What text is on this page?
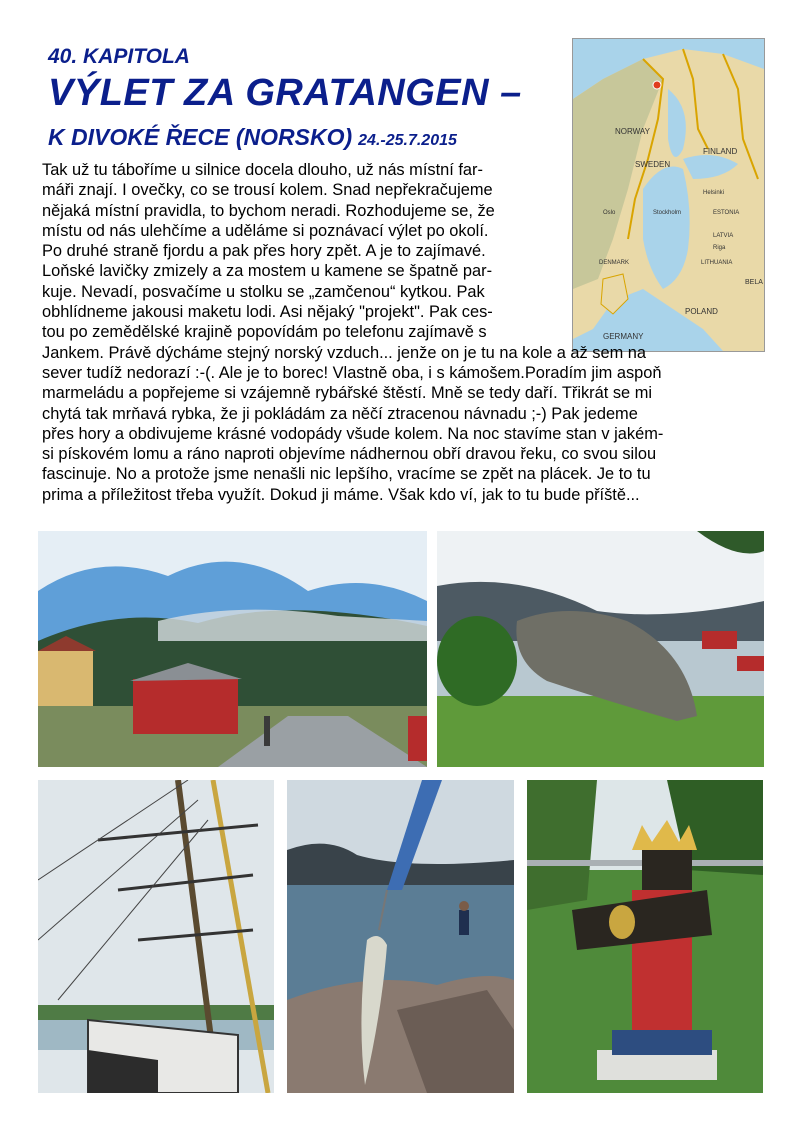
40. KAPITOLA
VÝLET ZA GRATANGEN –
K DIVOKÉ ŘECE (NORSKO) 24.-25.7.2015
NORWAY
SWEDEN
FINLAND
ESTONIA
LATVIA
LITHUANIA
DENMARK
GERMANY
POLAND
BELA
Stockholm
Helsinki
Oslo
Riga
Tak už tu táboříme u silnice docela dlouho, už nás místní far-
máři znají. I ovečky, co se trousí kolem. Snad nepřekračujeme
nějaká místní pravidla, to bychom neradi. Rozhodujeme se, že
místu od nás ulehčíme a uděláme si poznávací výlet po okolí.
Po druhé straně fjordu a pak přes hory zpět. A je to zajímavé.
Loňské lavičky zmizely a za mostem u kamene se špatně par-
kuje. Nevadí, posvačíme u stolku se „zamčenou“ kytkou. Pak
obhlídneme jakousi maketu lodi. Asi nějaký "projekt". Pak ces-
tou po zemědělské krajině popovídám po telefonu zajímavě s
Jankem. Právě dýcháme stejný norský vzduch... jenže on je tu na kole a až sem na
sever tudíž nedorazí :-(. Ale je to borec! Vlastně oba, i s kámošem.Poradím jim aspoň
marmeládu a popřejeme si vzájemně rybářské štěstí. Mně se tedy daří. Třikrát se mi
chytá tak mrňavá rybka, že ji pokládám za něčí ztracenou návnadu ;-) Pak jedeme
přes hory a obdivujeme krásné vodopády všude kolem. Na noc stavíme stan v jakém-
si pískovém lomu a ráno naproti objevíme nádhernou obří dravou řeku, co svou silou
fascinuje. No a protože jsme nenašli nic lepšího, vracíme se zpět na plácek. Je to tu
prima a příležitost třeba využít. Dokud ji máme. Však kdo ví, jak to tu bude příště...
